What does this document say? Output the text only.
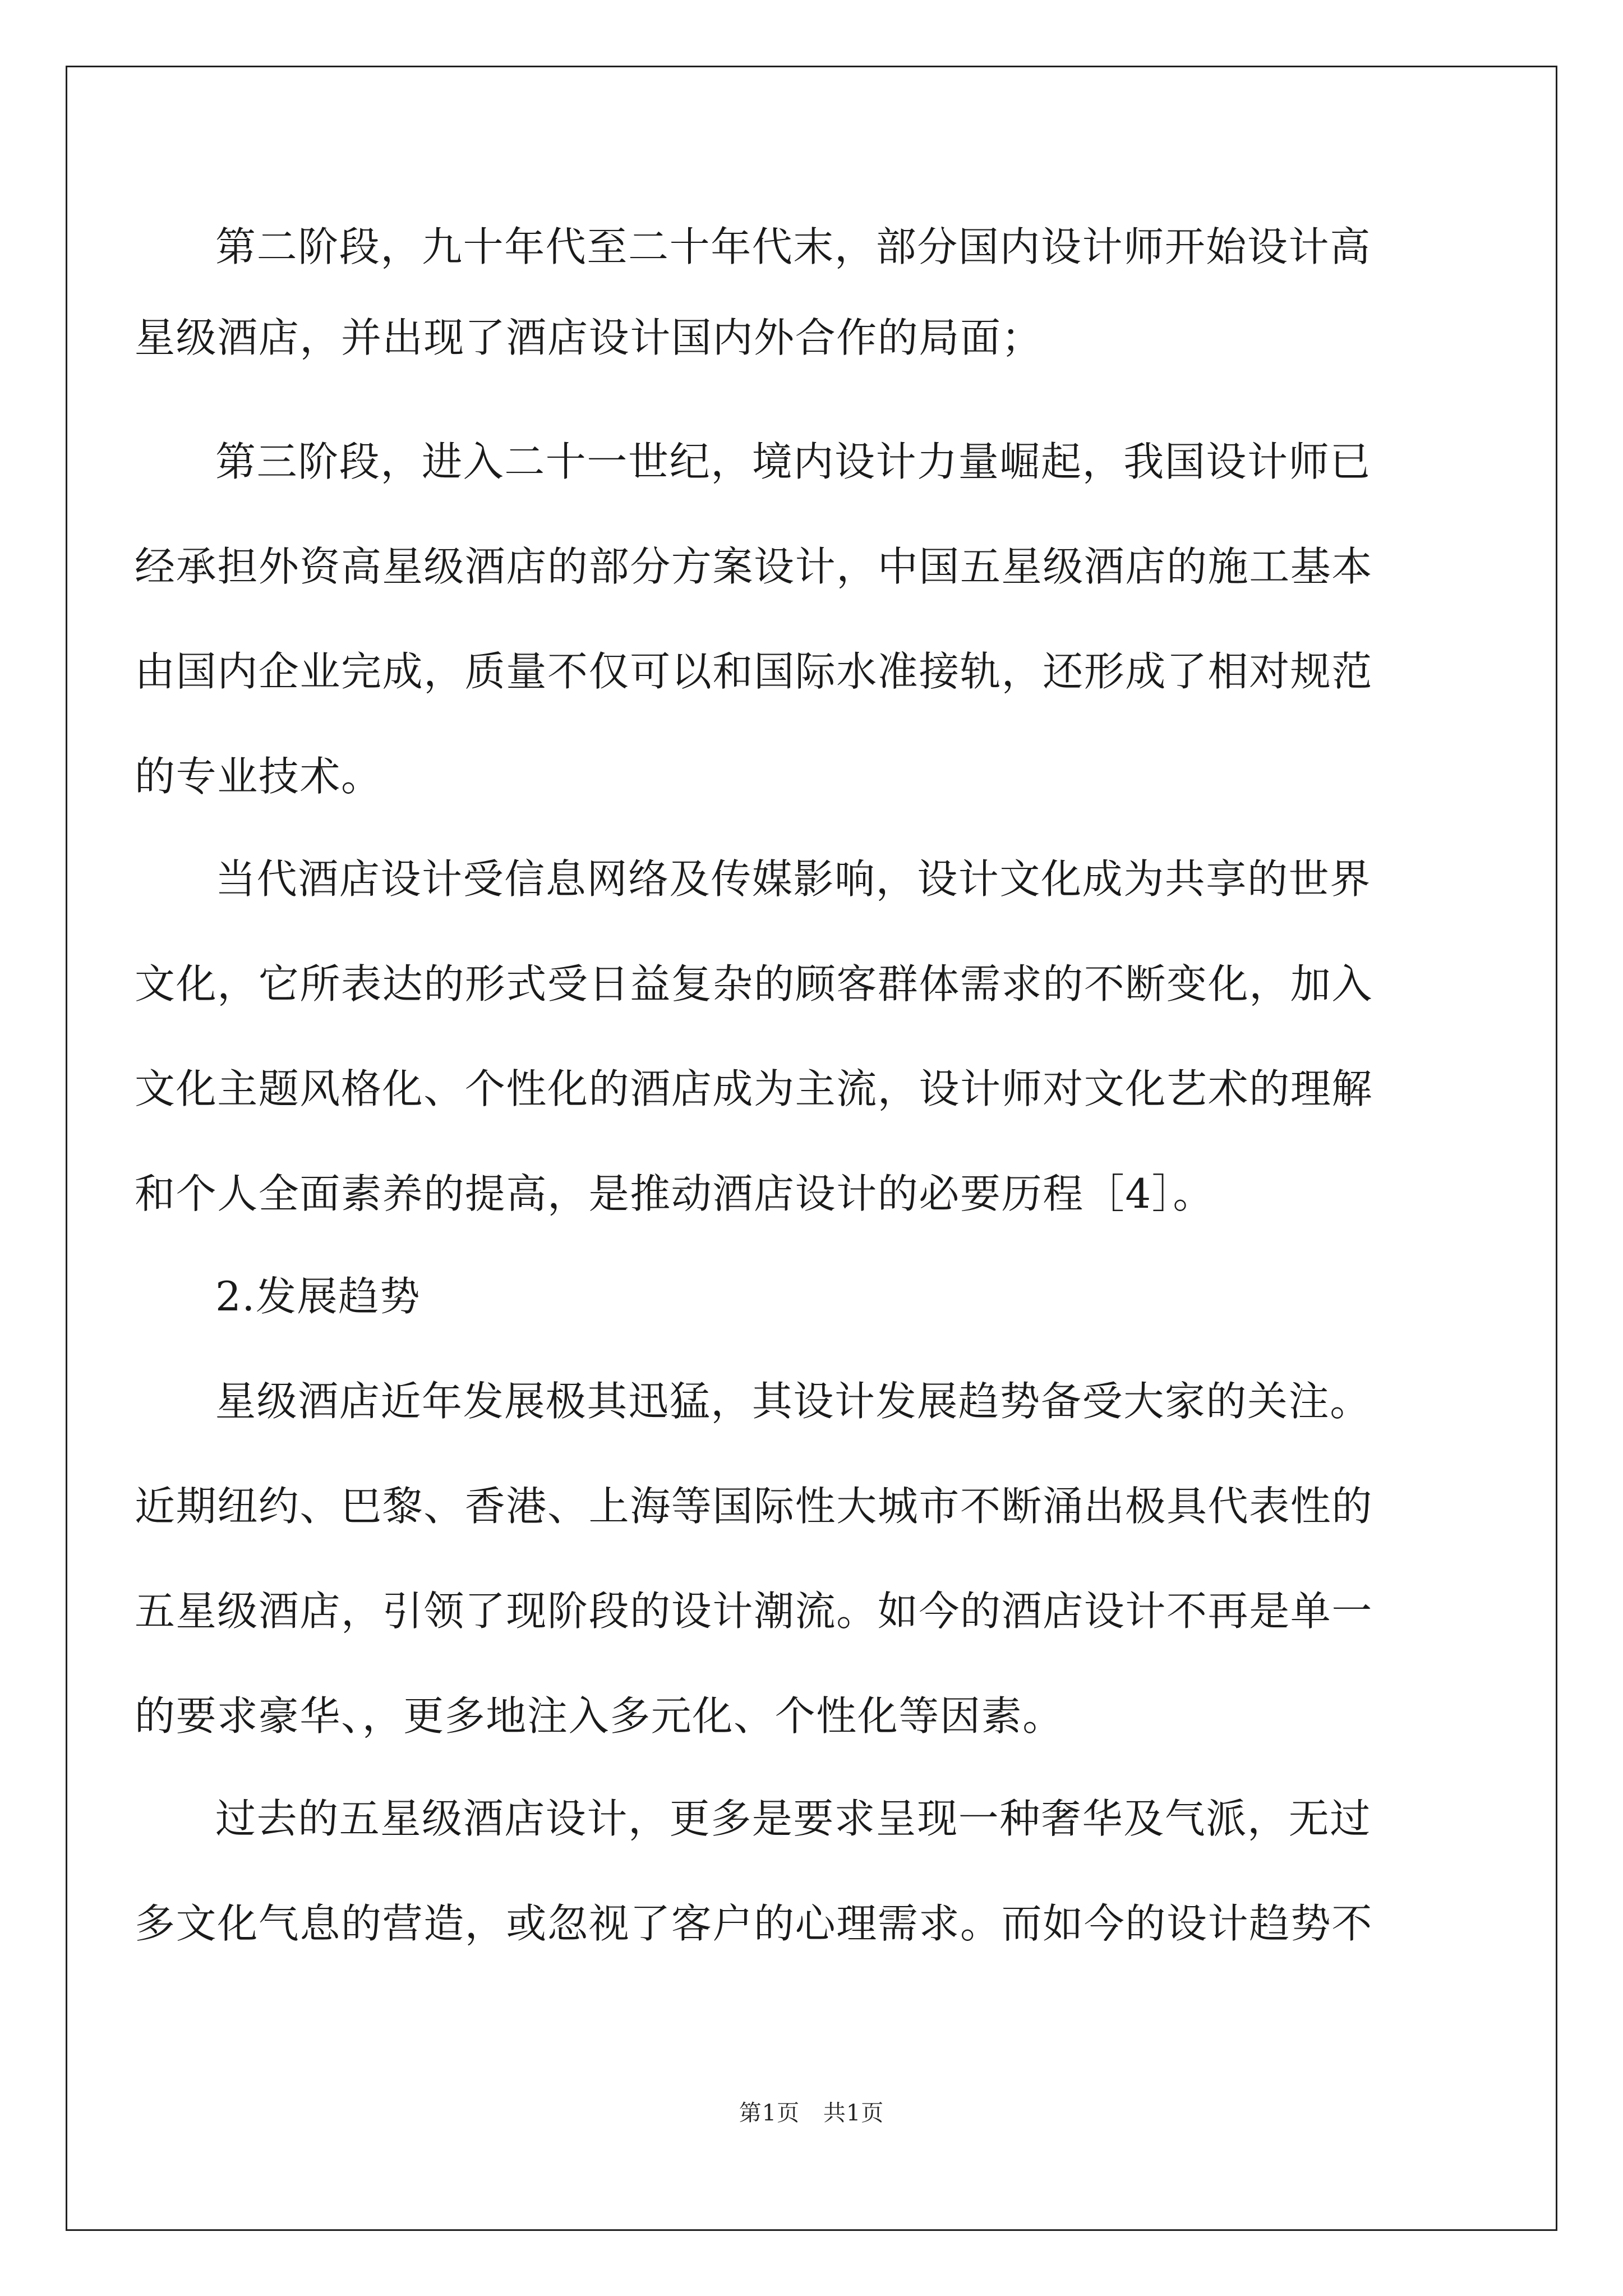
第二阶段，九十年代至二十年代末，部分国内设计师开始设计高
星级酒店，并出现了酒店设计国内外合作的局面；
第三阶段，进入二十一世纪，境内设计力量崛起，我国设计师已
经承担外资高星级酒店的部分方案设计，中国五星级酒店的施工基本
由国内企业完成，质量不仅可以和国际水准接轨，还形成了相对规范
的专业技术。
当代酒店设计受信息网络及传媒影响，设计文化成为共享的世界
文化，它所表达的形式受日益复杂的顾客群体需求的不断变化，加入
文化主题风格化、个性化的酒店成为主流，设计师对文化艺术的理解
和个人全面素养的提高，是推动酒店设计的必要历程［4］。
2.发展趋势
星级酒店近年发展极其迅猛，其设计发展趋势备受大家的关注。
近期纽约、巴黎、香港、上海等国际性大城市不断涌出极具代表性的
五星级酒店，引领了现阶段的设计潮流。如今的酒店设计不再是单一
的要求豪华、，更多地注入多元化、个性化等因素。
过去的五星级酒店设计，更多是要求呈现一种奢华及气派，无过
多文化气息的营造，或忽视了客户的心理需求。而如今的设计趋势不
第1页 共1页
